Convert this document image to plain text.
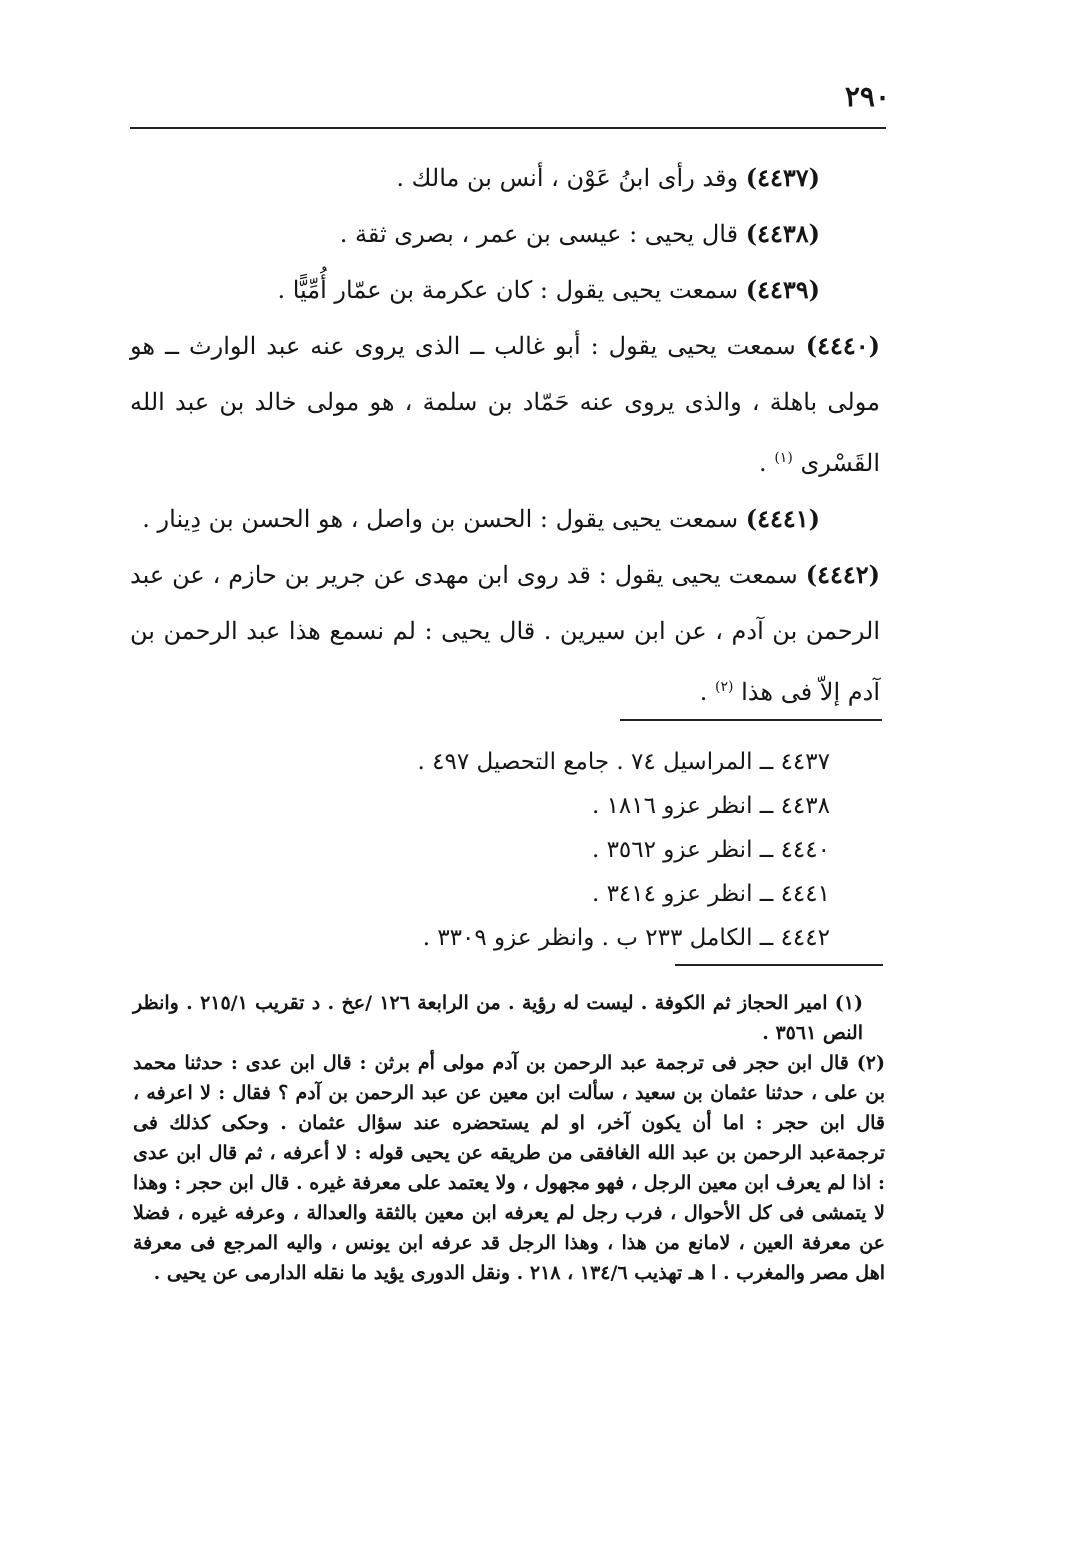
٢٩٠

(٤٤٣٧) وقد رأى ابنُ عَوْن ، أنس بن مالك .

(٤٤٣٨) قال يحيى : عيسى بن عمر ، بصرى ثقة .

(٤٤٣٩) سمعت يحيى يقول : كان عكرمة بن عمّار أُمِّيًّا .

(٤٤٤٠) سمعت يحيى يقول : أبو غالب ــ الذى يروى عنه عبد الوارث ــ هو مولى باهلة ، والذى يروى عنه حَمّاد بن سلمة ، هو مولى خالد بن عبد الله القَسْرى $^{(١)}$ .

(٤٤٤١) سمعت يحيى يقول : الحسن بن واصل ، هو الحسن بن دِينار .

(٤٤٤٢) سمعت يحيى يقول : قد روى ابن مهدى عن جرير بن حازم ، عن عبد الرحمن بن آدم ، عن ابن سيرين . قال يحيى : لم نسمع هذا عبد الرحمن بن آدم إلاّ فى هذا $^{(٢)}$ .

٤٤٣٧ ــ المراسيل ٧٤ . جامع التحصيل ٤٩٧ .

٤٤٣٨ ــ انظر عزو ١٨١٦ .

٤٤٤٠ ــ انظر عزو ٣٥٦٢ .

٤٤٤١ ــ انظر عزو ٣٤١٤ .

٤٤٤٢ ــ الكامل ٢٣٣ ب . وانظر عزو ٣٣٠٩ .

(١) امير الحجاز ثم الكوفة . ليست له رؤية . من الرابعة ١٢٦ /عخ . د تقريب ٢١٥/١ . وانظر النص ٣٥٦١ .

(٢) قال ابن حجر فى ترجمة عبد الرحمن بن آدم مولى أم برثن : قال ابن عدى : حدثنا محمد بن على ، حدثنا عثمان بن سعيد ، سألت ابن معين عن عبد الرحمن بن آدم ؟ فقال : لا اعرفه ، قال ابن حجر : اما أن يكون آخر، او لم يستحضره عند سؤال عثمان . وحكى كذلك فى ترجمةعبد الرحمن بن عبد الله الغافقى من طريقه عن يحيى قوله : لا أعرفه ، ثم قال ابن عدى : اذا لم يعرف ابن معين الرجل ، فهو مجهول ، ولا يعتمد على معرفة غيره . قال ابن حجر : وهذا لا يتمشى فى كل الأحوال ، فرب رجل لم يعرفه ابن معين بالثقة والعدالة ، وعرفه غيره ، فضلا عن معرفة العين ، لامانع من هذا ، وهذا الرجل قد عرفه ابن يونس ، واليه المرجع فى معرفة اهل مصر والمغرب . ا هـ تهذيب ١٣٤/٦ ، ٢١٨ . ونقل الدورى يؤيد ما نقله الدارمى عن يحيى .
